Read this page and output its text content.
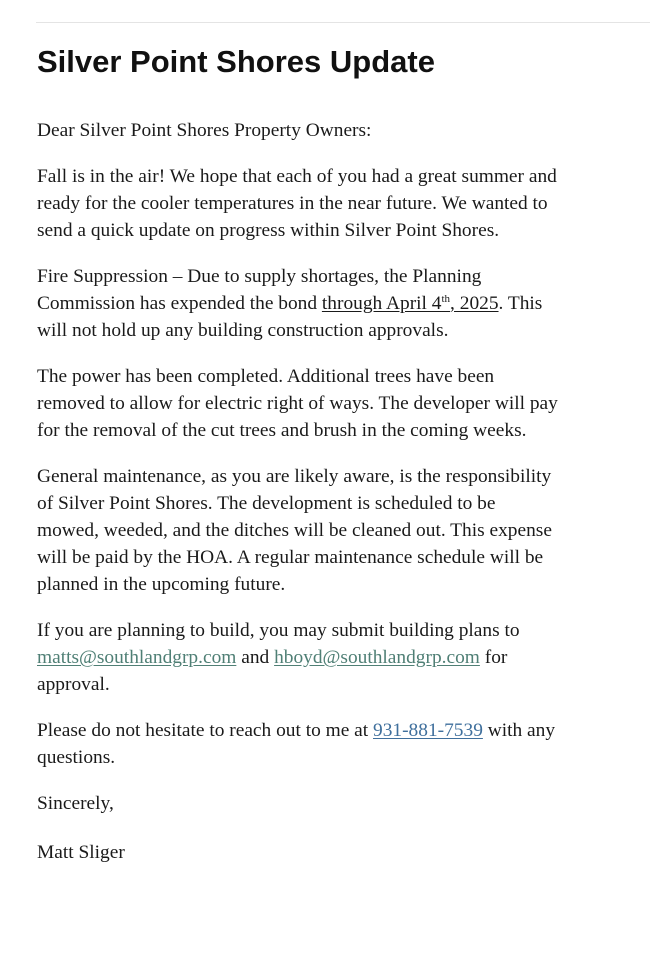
Silver Point Shores Update

Dear Silver Point Shores Property Owners:

Fall is in the air! We hope that each of you had a great summer and
ready for the cooler temperatures in the near future. We wanted to
send a quick update on progress within Silver Point Shores.

Fire Suppression – Due to supply shortages, the Planning
Commission has expended the bond through April 4th, 2025. This
will not hold up any building construction approvals.

The power has been completed. Additional trees have been
removed to allow for electric right of ways. The developer will pay
for the removal of the cut trees and brush in the coming weeks.

General maintenance, as you are likely aware, is the responsibility
of Silver Point Shores. The development is scheduled to be
mowed, weeded, and the ditches will be cleaned out. This expense
will be paid by the HOA. A regular maintenance schedule will be
planned in the upcoming future.

If you are planning to build, you may submit building plans to
matts@southlandgrp.com and hboyd@southlandgrp.com for
approval.

Please do not hesitate to reach out to me at 931-881-7539 with any
questions.

Sincerely,

Matt Sliger
